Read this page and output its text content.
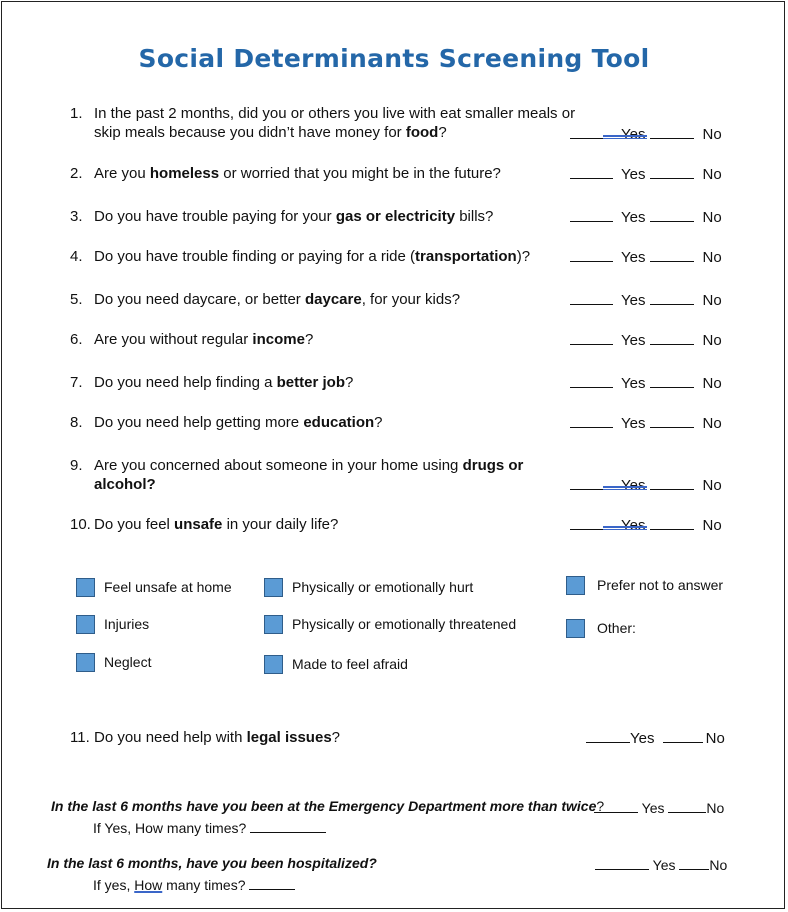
Social Determinants Screening Tool
1. In the past 2 months, did you or others you live with eat smaller meals or skip meals because you didn’t have money for food?	Yes	No
2. Are you homeless or worried that you might be in the future?	Yes	No
3. Do you have trouble paying for your gas or electricity bills?	Yes	No
4. Do you have trouble finding or paying for a ride (transportation)?	Yes	No
5. Do you need daycare, or better daycare, for your kids?	Yes	No
6. Are you without regular income?	Yes	No
7. Do you need help finding a better job?	Yes	No
8. Do you need help getting more education?	Yes	No
9. Are you concerned about someone in your home using drugs or alcohol?	Yes	No
10. Do you feel unsafe in your daily life?	Yes	No
Feel unsafe at home	Physically or emotionally hurt	Prefer not to answer
Injuries	Physically or emotionally threatened	Other:
Neglect	Made to feel afraid
11. Do you need help with legal issues?	Yes	No
In the last 6 months have you been at the Emergency Department more than twice?	Yes	No
If Yes, How many times?
In the last 6 months, have you been hospitalized?	Yes No
If yes, How many times?
